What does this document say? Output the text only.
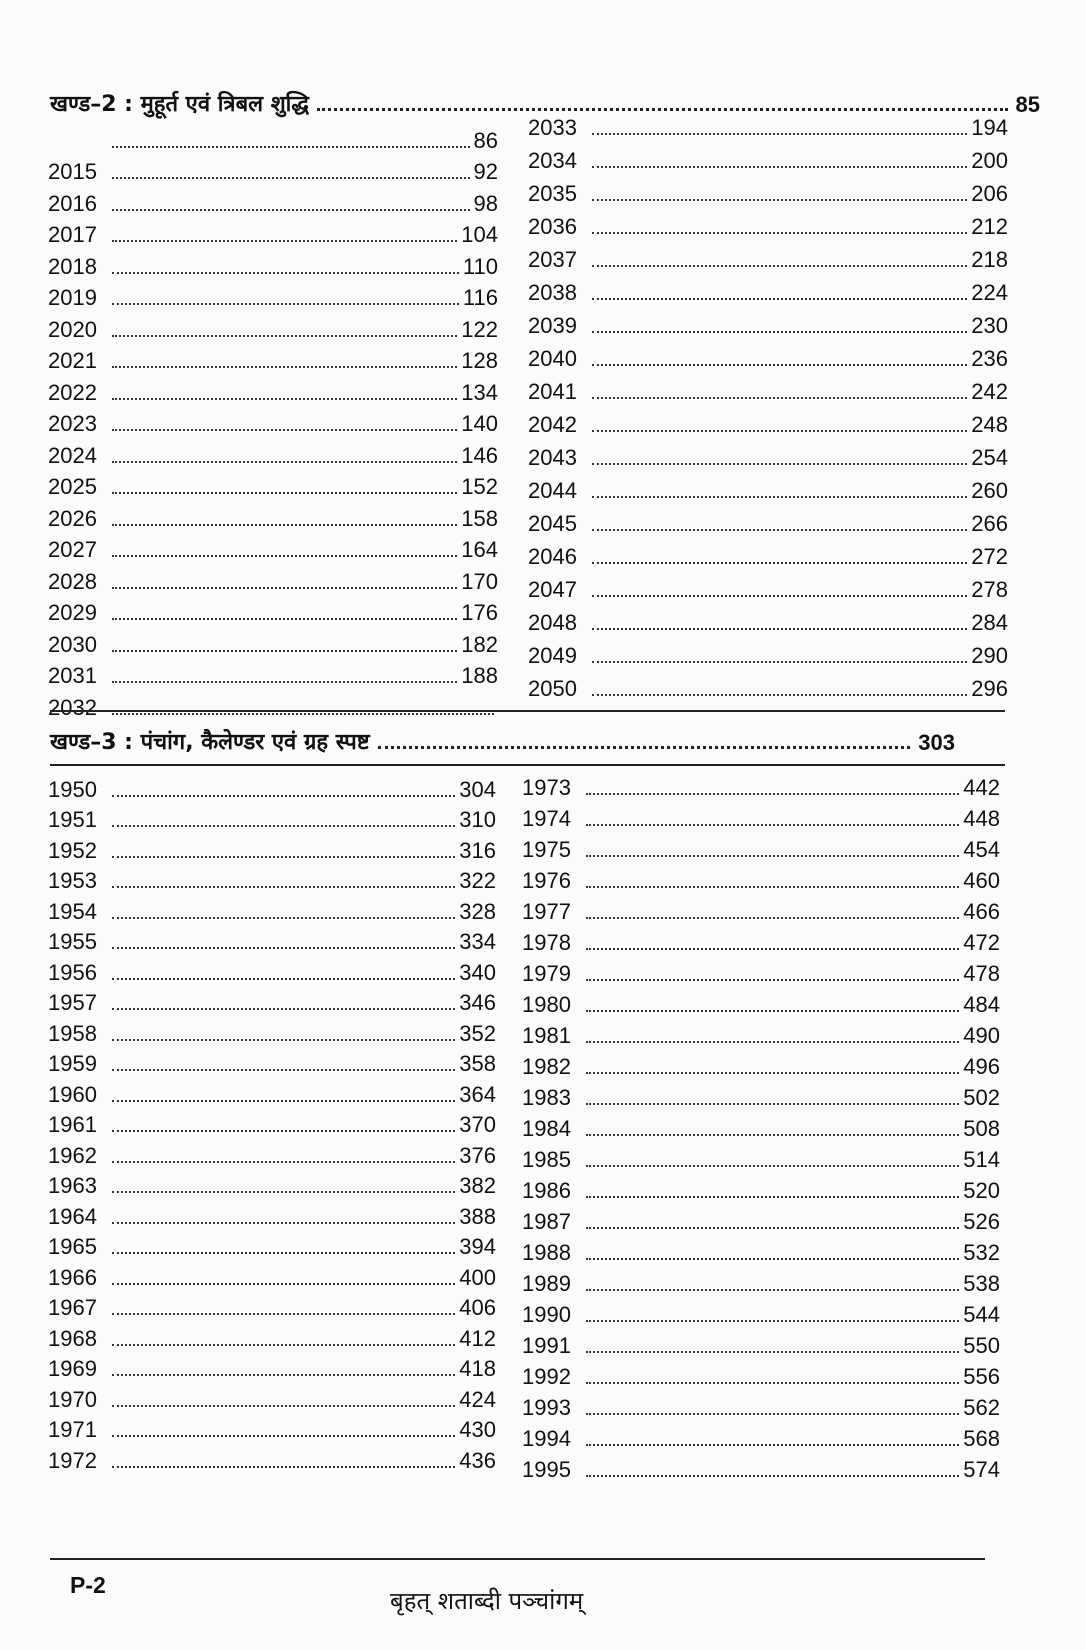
खण्ड–2 : मुहूर्त एवं त्रिबल शुद्धि	85
86
2015	92
2016	98
2017	104
2018	110
2019	116
2020	122
2021	128
2022	134
2023	140
2024	146
2025	152
2026	158
2027	164
2028	170
2029	176
2030	182
2031	188
2032
2033	194
2034	200
2035	206
2036	212
2037	218
2038	224
2039	230
2040	236
2041	242
2042	248
2043	254
2044	260
2045	266
2046	272
2047	278
2048	284
2049	290
2050	296
खण्ड–3 : पंचांग, कैलेण्डर एवं ग्रह स्पष्ट	303
1950	304
1951	310
1952	316
1953	322
1954	328
1955	334
1956	340
1957	346
1958	352
1959	358
1960	364
1961	370
1962	376
1963	382
1964	388
1965	394
1966	400
1967	406
1968	412
1969	418
1970	424
1971	430
1972	436
1973	442
1974	448
1975	454
1976	460
1977	466
1978	472
1979	478
1980	484
1981	490
1982	496
1983	502
1984	508
1985	514
1986	520
1987	526
1988	532
1989	538
1990	544
1991	550
1992	556
1993	562
1994	568
1995	574
P-2
बृहत् शताब्दी पञ्चांगम्
